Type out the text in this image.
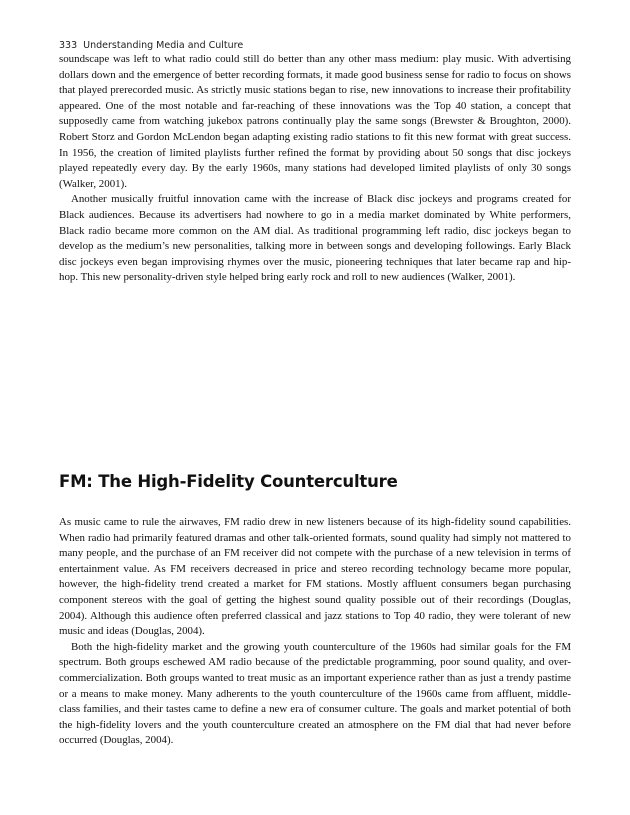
333 Understanding Media and Culture

soundscape was left to what radio could still do better than any other mass medium: play music. With advertising dollars down and the emergence of better recording formats, it made good business sense for radio to focus on shows that played prerecorded music. As strictly music stations began to rise, new innovations to increase their profitability appeared. One of the most notable and far-reaching of these innovations was the Top 40 station, a concept that supposedly came from watching jukebox patrons continually play the same songs (Brewster & Broughton, 2000). Robert Storz and Gordon McLendon began adapting existing radio stations to fit this new format with great success. In 1956, the creation of limited playlists further refined the format by providing about 50 songs that disc jockeys played repeatedly every day. By the early 1960s, many stations had developed limited playlists of only 30 songs (Walker, 2001).

Another musically fruitful innovation came with the increase of Black disc jockeys and programs created for Black audiences. Because its advertisers had nowhere to go in a media market dominated by White performers, Black radio became more common on the AM dial. As traditional programming left radio, disc jockeys began to develop as the medium’s new personalities, talking more in between songs and developing followings. Early Black disc jockeys even began improvising rhymes over the music, pioneering techniques that later became rap and hip-hop. This new personality-driven style helped bring early rock and roll to new audiences (Walker, 2001).

FM: The High-Fidelity Counterculture

As music came to rule the airwaves, FM radio drew in new listeners because of its high-fidelity sound capabilities. When radio had primarily featured dramas and other talk-oriented formats, sound quality had simply not mattered to many people, and the purchase of an FM receiver did not compete with the purchase of a new television in terms of entertainment value. As FM receivers decreased in price and stereo recording technology became more popular, however, the high-fidelity trend created a market for FM stations. Mostly affluent consumers began purchasing component stereos with the goal of getting the highest sound quality possible out of their recordings (Douglas, 2004). Although this audience often preferred classical and jazz stations to Top 40 radio, they were tolerant of new music and ideas (Douglas, 2004).

Both the high-fidelity market and the growing youth counterculture of the 1960s had similar goals for the FM spectrum. Both groups eschewed AM radio because of the predictable programming, poor sound quality, and over-commercialization. Both groups wanted to treat music as an important experience rather than as just a trendy pastime or a means to make money. Many adherents to the youth counterculture of the 1960s came from affluent, middle-class families, and their tastes came to define a new era of consumer culture. The goals and market potential of both the high-fidelity lovers and the youth counterculture created an atmosphere on the FM dial that had never before occurred (Douglas, 2004).
